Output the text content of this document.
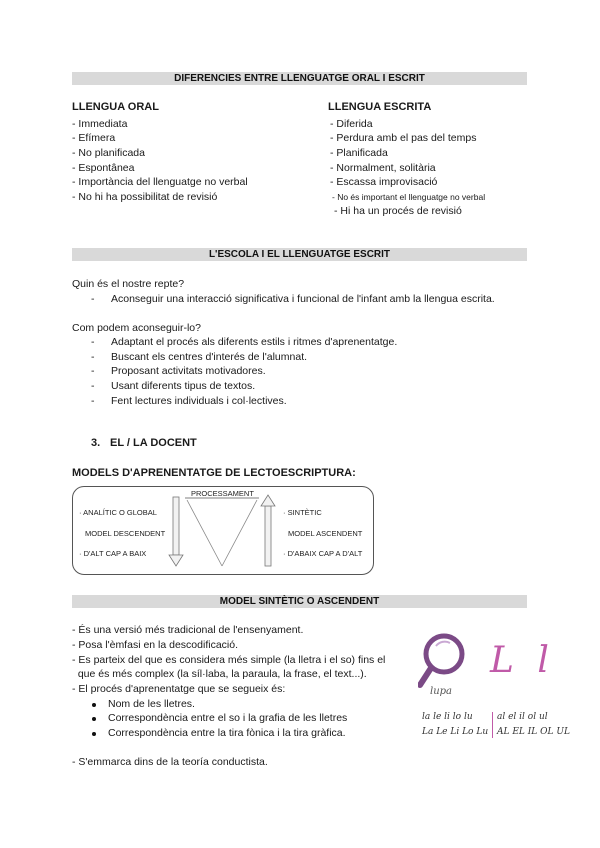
DIFERENCIES ENTRE LLENGUATGE ORAL I ESCRIT
LLENGUA ORAL	LLENGUA ESCRITA
- Immediata
- Efímera
- No planificada
- Espontânea
- Importància del llenguatge no verbal
- No hi ha possibilitat de revisió
- Diferida
- Perdura amb el pas del temps
- Planificada
- Normalment, solitària
- Escassa improvisació
- No és important el llenguatge no verbal
- Hi ha un procés de revisió
L'ESCOLA I EL LLENGUATGE ESCRIT
Quin és el nostre repte?
- Aconseguir una interacció significativa i funcional de l'infant amb la llengua escrita.
Com podem aconseguir-lo?
- Adaptant el procés als diferents estils i ritmes d'aprenentatge.
- Buscant els centres d'interés de l'alumnat.
- Proposant activitats motivadores.
- Usant diferents tipus de textos.
- Fent lectures individuals i col·lectives.
3. EL / LA DOCENT
MODELS D'APRENENTATGE DE LECTOESCRIPTURA:
PROCESSAMENT
· ANALÍTIC O GLOBAL
MODEL DESCENDENT
· D'ALT CAP A BAIX
· SINTÈTIC
MODEL ASCENDENT
· D'ABAIX CAP A D'ALT
MODEL SINTÈTIC O ASCENDENT
- És una versió més tradicional de l'ensenyament.
- Posa l'èmfasi en la descodificació.
- Es parteix del que es considera més simple (la lletra i el so) fins el
que és més complex (la síl·laba, la paraula, la frase, el text...).
- El procés d'aprenentatge que se segueix és:
Nom de les lletres.
Correspondència entre el so i la grafia de les lletres
Correspondència entre la tira fònica i la tira gràfica.
- S'emmarca dins de la teoría conductista.
lupa
L l
la le li lo lu
La Le Li Lo Lu
al el il ol ul
AL EL IL OL UL
